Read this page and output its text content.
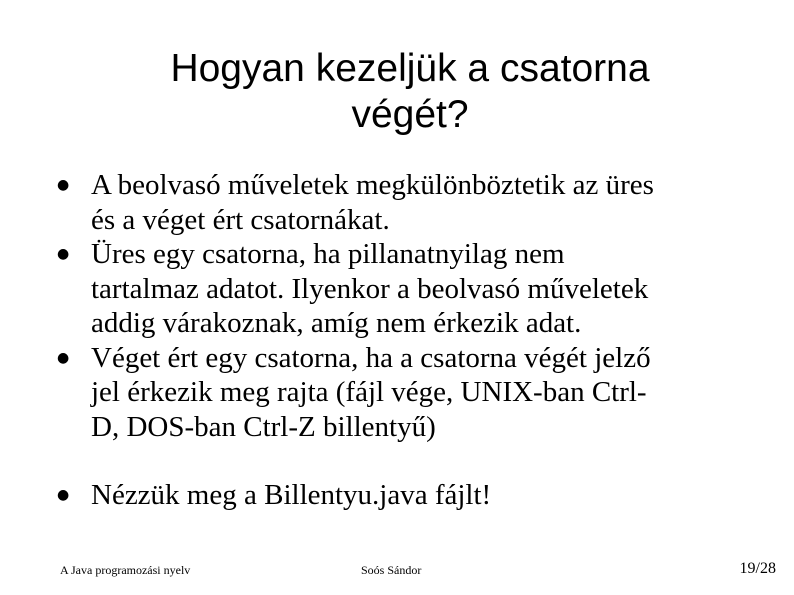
Hogyan kezeljük a csatorna
végét?
● A beolvasó műveletek megkülönböztetik az üres
és a véget ért csatornákat.
● Üres egy csatorna, ha pillanatnyilag nem
tartalmaz adatot. Ilyenkor a beolvasó műveletek
addig várakoznak, amíg nem érkezik adat.
● Véget ért egy csatorna, ha a csatorna végét jelző
jel érkezik meg rajta (fájl vége, UNIX-ban Ctrl-
D, DOS-ban Ctrl-Z billentyű)
● Nézzük meg a Billentyu.java fájlt!
A Java programozási nyelv	Soós Sándor	19/28
